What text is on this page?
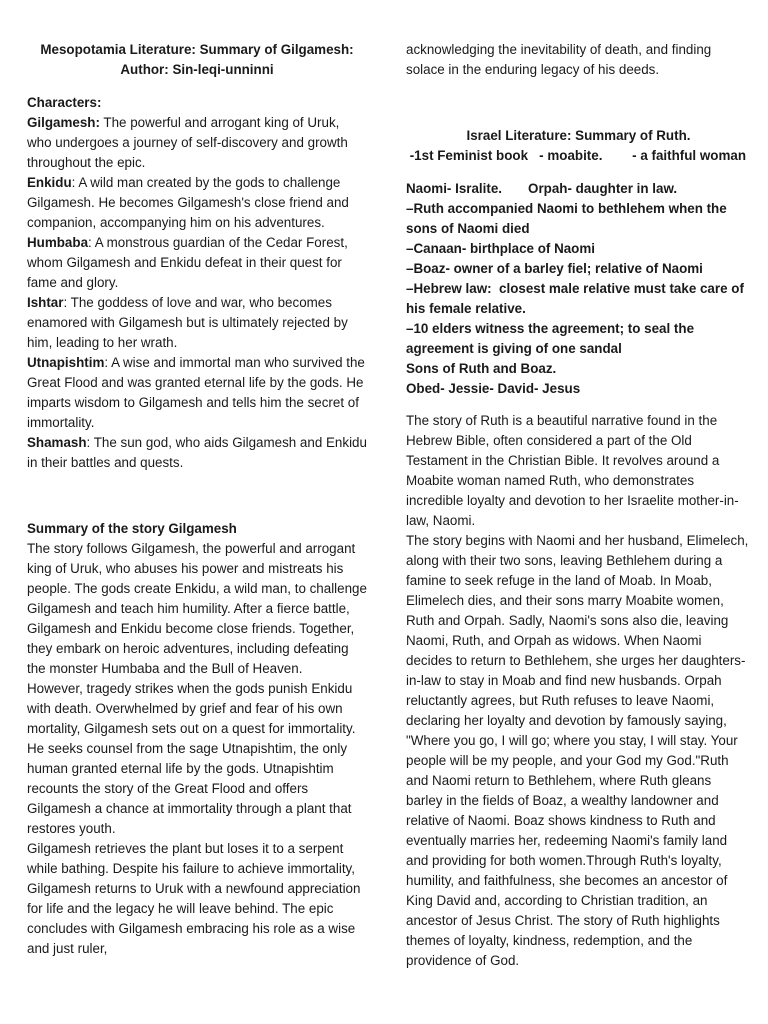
Mesopotamia Literature: Summary of Gilgamesh:

Author: Sin-leqi-unninni

Characters:

Gilgamesh: The powerful and arrogant king of Uruk, who undergoes a journey of self-discovery and growth throughout the epic.

Enkidu: A wild man created by the gods to challenge Gilgamesh. He becomes Gilgamesh's close friend and companion, accompanying him on his adventures.

Humbaba: A monstrous guardian of the Cedar Forest, whom Gilgamesh and Enkidu defeat in their quest for fame and glory.

Ishtar: The goddess of love and war, who becomes enamored with Gilgamesh but is ultimately rejected by him, leading to her wrath.

Utnapishtim: A wise and immortal man who survived the Great Flood and was granted eternal life by the gods. He imparts wisdom to Gilgamesh and tells him the secret of immortality.

Shamash: The sun god, who aids Gilgamesh and Enkidu in their battles and quests.

Summary of the story Gilgamesh

The story follows Gilgamesh, the powerful and arrogant king of Uruk, who abuses his power and mistreats his people. The gods create Enkidu, a wild man, to challenge Gilgamesh and teach him humility. After a fierce battle, Gilgamesh and Enkidu become close friends. Together, they embark on heroic adventures, including defeating the monster Humbaba and the Bull of Heaven.

However, tragedy strikes when the gods punish Enkidu with death. Overwhelmed by grief and fear of his own mortality, Gilgamesh sets out on a quest for immortality. He seeks counsel from the sage Utnapishtim, the only human granted eternal life by the gods. Utnapishtim recounts the story of the Great Flood and offers Gilgamesh a chance at immortality through a plant that restores youth.

Gilgamesh retrieves the plant but loses it to a serpent while bathing. Despite his failure to achieve immortality, Gilgamesh returns to Uruk with a newfound appreciation for life and the legacy he will leave behind. The epic concludes with Gilgamesh embracing his role as a wise and just ruler,

acknowledging the inevitability of death, and finding solace in the enduring legacy of his deeds.

Israel Literature: Summary of Ruth.

-1st Feminist book   - moabite.        - a faithful woman

Naomi- Isralite.       Orpah- daughter in law.

–Ruth accompanied Naomi to bethlehem when the sons of Naomi died

–Canaan- birthplace of Naomi

–Boaz- owner of a barley fiel; relative of Naomi

–Hebrew law:  closest male relative must take care of his female relative.

–10 elders witness the agreement; to seal the agreement is giving of one sandal

Sons of Ruth and Boaz.

Obed- Jessie- David- Jesus

The story of Ruth is a beautiful narrative found in the Hebrew Bible, often considered a part of the Old Testament in the Christian Bible. It revolves around a Moabite woman named Ruth, who demonstrates incredible loyalty and devotion to her Israelite mother-in-law, Naomi.

The story begins with Naomi and her husband, Elimelech, along with their two sons, leaving Bethlehem during a famine to seek refuge in the land of Moab. In Moab, Elimelech dies, and their sons marry Moabite women, Ruth and Orpah. Sadly, Naomi's sons also die, leaving Naomi, Ruth, and Orpah as widows. When Naomi decides to return to Bethlehem, she urges her daughters-in-law to stay in Moab and find new husbands. Orpah reluctantly agrees, but Ruth refuses to leave Naomi, declaring her loyalty and devotion by famously saying, "Where you go, I will go; where you stay, I will stay. Your people will be my people, and your God my God."Ruth and Naomi return to Bethlehem, where Ruth gleans barley in the fields of Boaz, a wealthy landowner and relative of Naomi. Boaz shows kindness to Ruth and eventually marries her, redeeming Naomi's family land and providing for both women.Through Ruth's loyalty, humility, and faithfulness, she becomes an ancestor of King David and, according to Christian tradition, an ancestor of Jesus Christ. The story of Ruth highlights themes of loyalty, kindness, redemption, and the providence of God.
